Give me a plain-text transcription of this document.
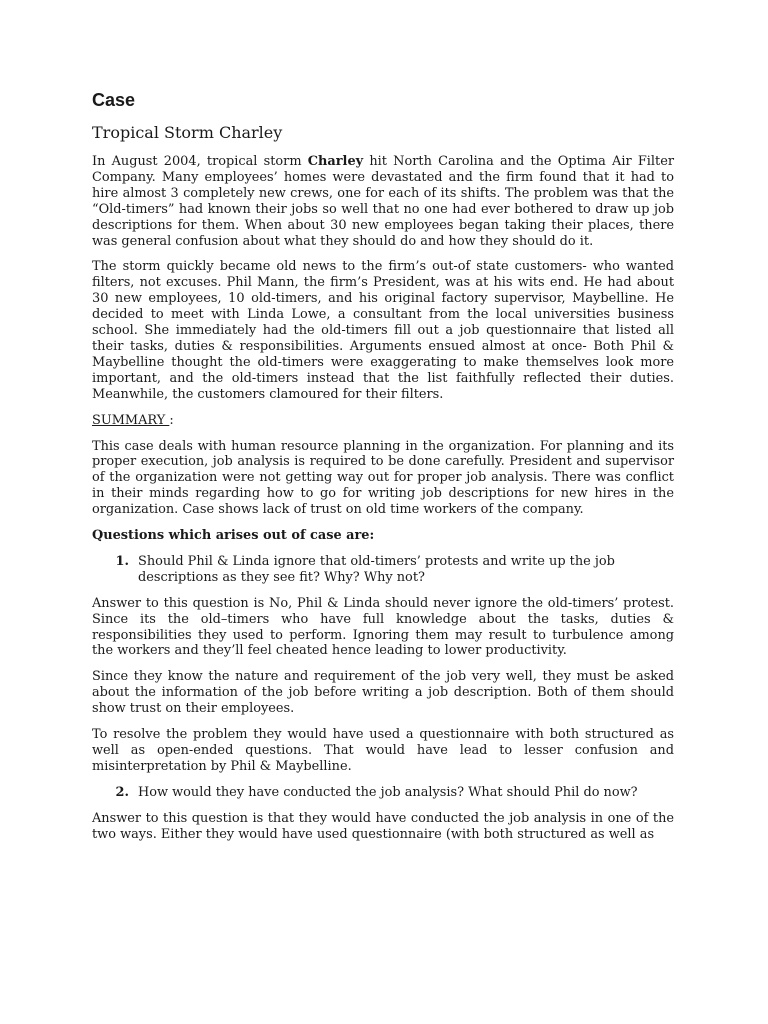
Case
Tropical Storm Charley

In August 2004, tropical storm Charley hit North Carolina and the Optima Air Filter Company. Many employees’ homes were devastated and the firm found that it had to hire almost 3 completely new crews, one for each of its shifts. The problem was that the “Old-timers” had known their jobs so well that no one had ever bothered to draw up job descriptions for them. When about 30 new employees began taking their places, there was general confusion about what they should do and how they should do it.

The storm quickly became old news to the firm’s out-of state customers- who wanted filters, not excuses. Phil Mann, the firm’s President, was at his wits end. He had about 30 new employees, 10 old-timers, and his original factory supervisor, Maybelline. He decided to meet with Linda Lowe, a consultant from the local universities business school. She immediately had the old-timers fill out a job questionnaire that listed all their tasks, duties & responsibilities. Arguments ensued almost at once- Both Phil & Maybelline thought the old-timers were exaggerating to make themselves look more important, and the old-timers instead that the list faithfully reflected their duties. Meanwhile, the customers clamoured for their filters.

SUMMARY :

This case deals with human resource planning in the organization. For planning and its proper execution, job analysis is required to be done carefully. President and supervisor of the organization were not getting way out for proper job analysis. There was conflict in their minds regarding how to go for writing job descriptions for new hires in the organization. Case shows lack of trust on old time workers of the company.

Questions which arises out of case are:
1. Should Phil & Linda ignore that old-timers’ protests and write up the job descriptions as they see fit? Why? Why not?

Answer to this question is No, Phil & Linda should never ignore the old-timers’ protest. Since its the old–timers who have full knowledge about the tasks, duties & responsibilities they used to perform. Ignoring them may result to turbulence among the workers and they’ll feel cheated hence leading to lower productivity.

Since they know the nature and requirement of the job very well, they must be asked about the information of the job before writing a job description. Both of them should show trust on their employees.

To resolve the problem they would have used a questionnaire with both structured as well as open-ended questions. That would have lead to lesser confusion and misinterpretation by Phil & Maybelline.

2. How would they have conducted the job analysis? What should Phil do now?

Answer to this question is that they would have conducted the job analysis in one of the two ways. Either they would have used questionnaire (with both structured as well as
